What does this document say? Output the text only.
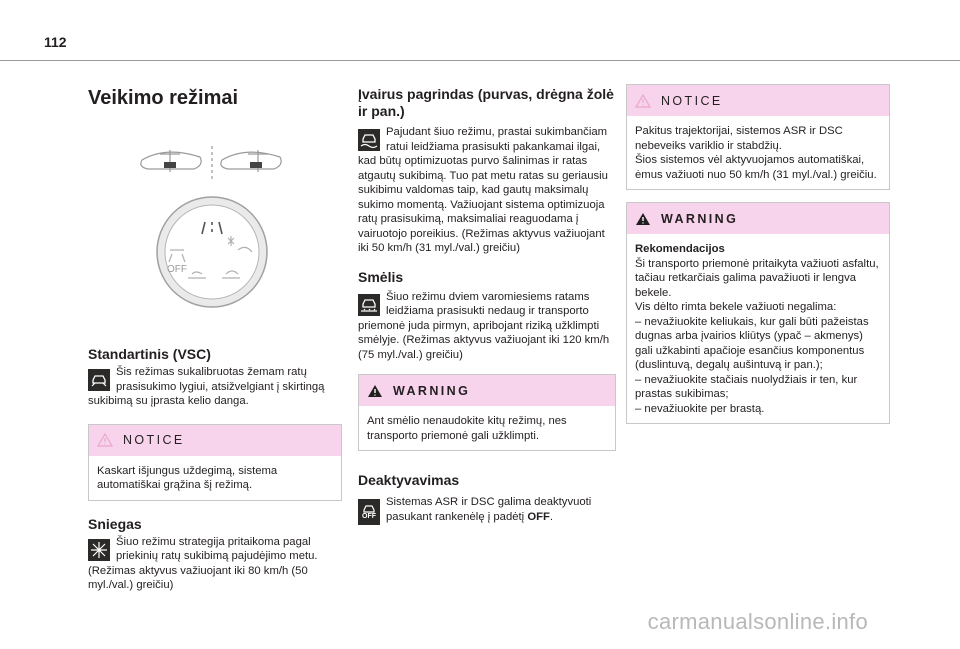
112
Veikimo režimai
OFF
Standartinis (VSC)

Šis režimas sukalibruotas žemam ratų prasisukimo lygiui, atsižvelgiant į skirtingą sukibimą su įprasta kelio danga.

NOTICE

Kaskart išjungus uždegimą, sistema automatiškai grąžina šį režimą.

Sniegas

Šiuo režimu strategija pritaikoma pagal priekinių ratų sukibimą pajudėjimo metu. (Režimas aktyvus važiuojant iki 80 km/h (50 myl./val.) greičiu)

Įvairus pagrindas (purvas, drėgna žolė ir pan.)

Pajudant šiuo režimu, prastai sukimbančiam ratui leidžiama prasisukti pakankamai ilgai, kad būtų optimizuotas purvo šalinimas ir ratas atgautų sukibimą. Tuo pat metu ratas su geriausiu sukibimu valdomas taip, kad gautų maksimalų sukimo momentą. Važiuojant sistema optimizuoja ratų prasisukimą, maksimaliai reaguodama į vairuotojo poreikius. (Režimas aktyvus važiuojant iki 50 km/h (31 myl./val.) greičiu)

Smėlis

Šiuo režimu dviem varomiesiems ratams leidžiama prasisukti nedaug ir transporto priemonė juda pirmyn, apribojant riziką užklimpti smėlyje. (Režimas aktyvus važiuojant iki 120 km/h (75 myl./val.) greičiu)

WARNING

Ant smėlio nenaudokite kitų režimų, nes transporto priemonė gali užklimpti.

Deaktyvavimas
OFF

Sistemas ASR ir DSC galima deaktyvuoti pasukant rankenėlę į padėtį OFF.

NOTICE

Pakitus trajektorijai, sistemos ASR ir DSC nebeveiks variklio ir stabdžių.

Šios sistemos vėl aktyvuojamos automatiškai, ėmus važiuoti nuo 50 km/h (31 myl./val.) greičiu.

WARNING

Rekomendacijos

Ši transporto priemonė pritaikyta važiuoti asfaltu, tačiau retkarčiais galima pavažiuoti ir lengva bekele.

Vis dėlto rimta bekele važiuoti negalima:

– nevažiuokite keliukais, kur gali būti pažeistas dugnas arba įvairios kliūtys (ypač – akmenys) gali užkabinti apačioje esančius komponentus (duslintuvą, degalų aušintuvą ir pan.);

– nevažiuokite stačiais nuolydžiais ir ten, kur prastas sukibimas;

– nevažiuokite per brastą.

carmanualsonline.info
